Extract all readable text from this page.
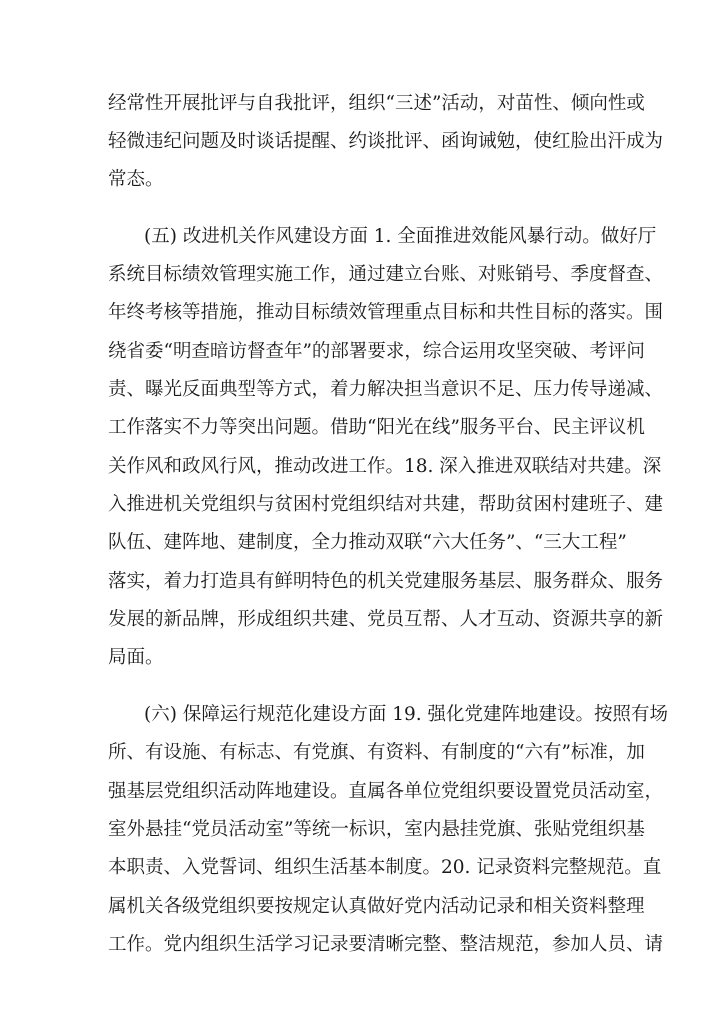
经常性开展批评与自我批评，组织“三述”活动，对苗性、倾向性或
轻微违纪问题及时谈话提醒、约谈批评、函询诫勉，使红脸出汗成为
常态。
(五) 改进机关作风建设方面 1. 全面推进效能风暴行动。做好厅
系统目标绩效管理实施工作，通过建立台账、对账销号、季度督查、
年终考核等措施，推动目标绩效管理重点目标和共性目标的落实。围
绕省委“明查暗访督查年”的部署要求，综合运用攻坚突破、考评问
责、曝光反面典型等方式，着力解决担当意识不足、压力传导递减、
工作落实不力等突出问题。借助“阳光在线”服务平台、民主评议机
关作风和政风行风，推动改进工作。18. 深入推进双联结对共建。深
入推进机关党组织与贫困村党组织结对共建，帮助贫困村建班子、建
队伍、建阵地、建制度，全力推动双联“六大任务”、“三大工程”
落实，着力打造具有鲜明特色的机关党建服务基层、服务群众、服务
发展的新品牌，形成组织共建、党员互帮、人才互动、资源共享的新
局面。
(六) 保障运行规范化建设方面 19. 强化党建阵地建设。按照有场
所、有设施、有标志、有党旗、有资料、有制度的“六有”标准，加
强基层党组织活动阵地建设。直属各单位党组织要设置党员活动室，
室外悬挂“党员活动室”等统一标识，室内悬挂党旗、张贴党组织基
本职责、入党誓词、组织生活基本制度。20. 记录资料完整规范。直
属机关各级党组织要按规定认真做好党内活动记录和相关资料整理
工作。党内组织生活学习记录要清晰完整、整洁规范，参加人员、请
